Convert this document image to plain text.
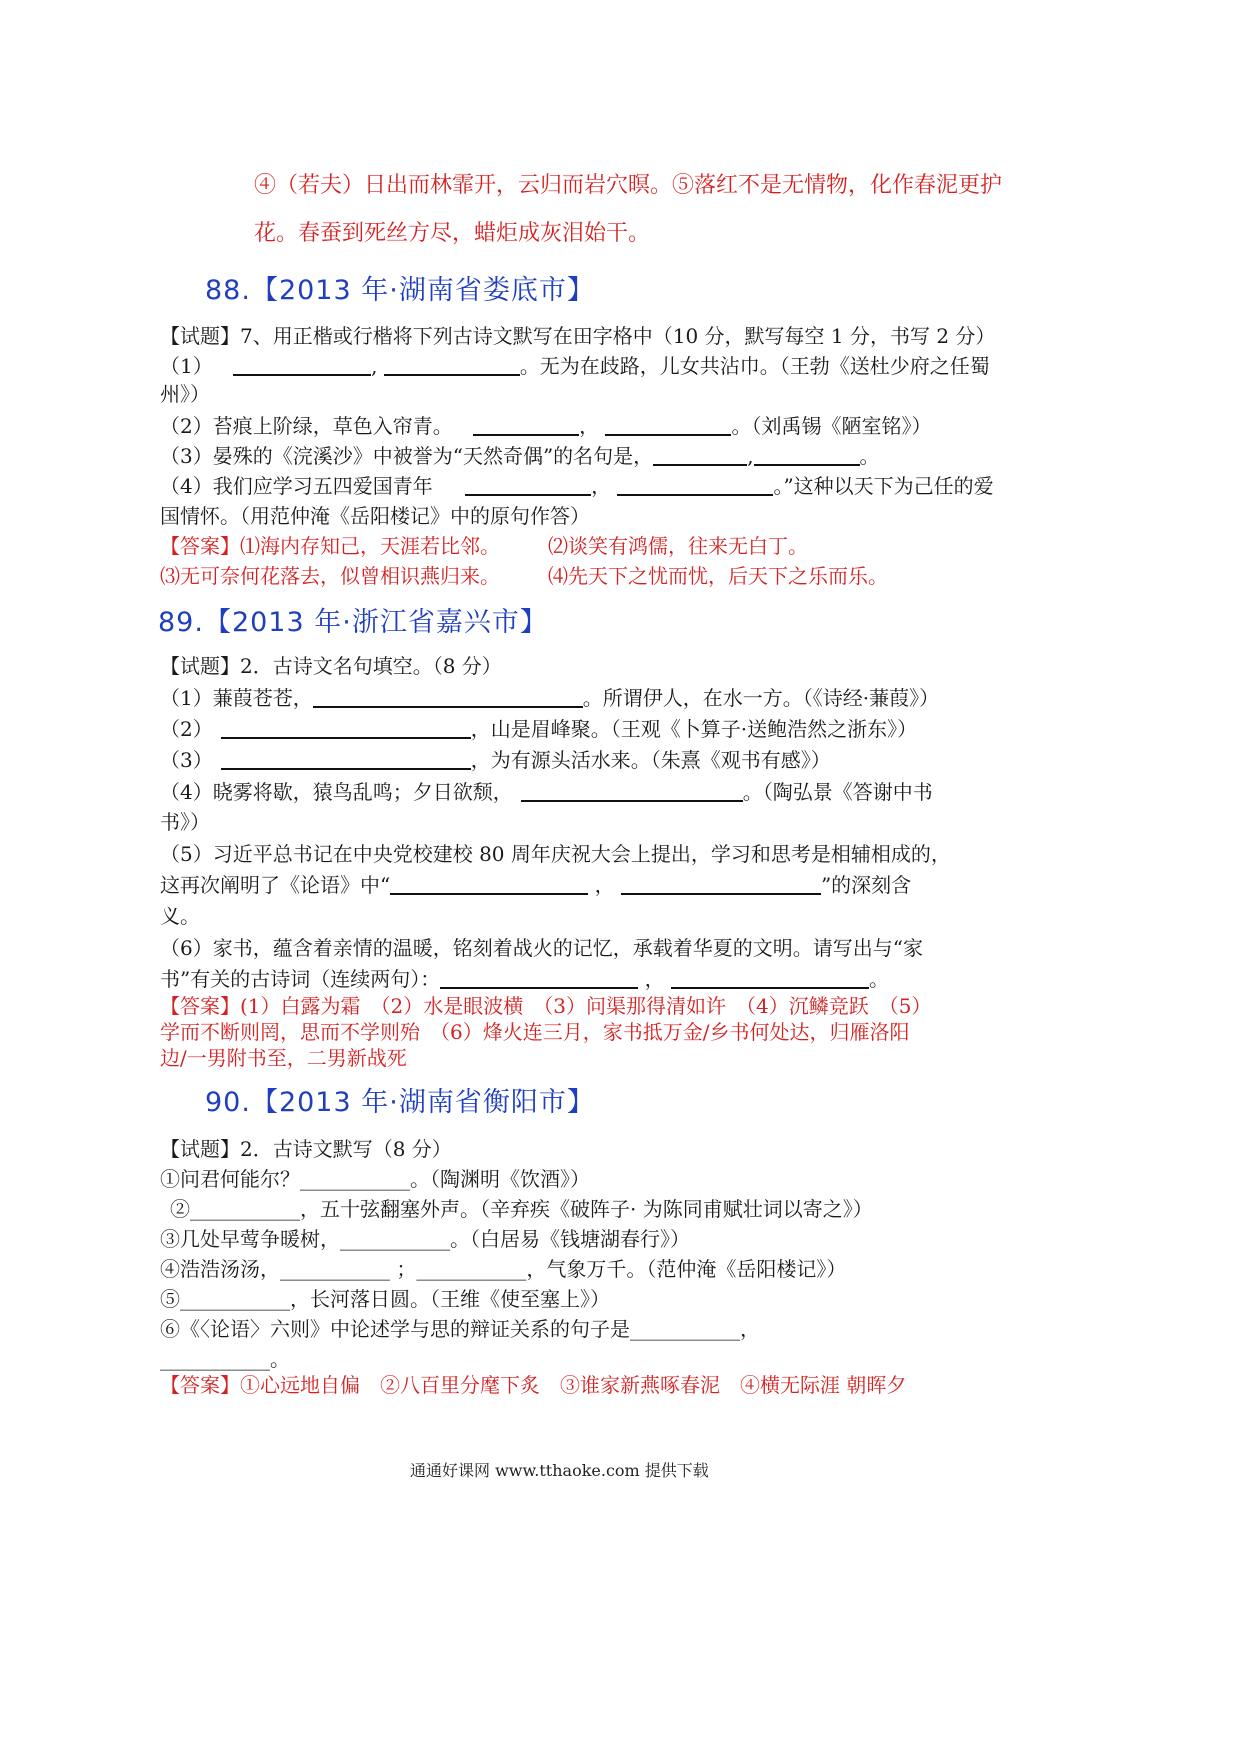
④（若夫）日出而林霏开，云归而岩穴暝。⑤落红不是无情物，化作春泥更护
花。春蚕到死丝方尽，蜡炬成灰泪始干。
88.【2013 年·湖南省娄底市】
【试题】7、用正楷或行楷将下列古诗文默写在田字格中（10 分，默写每空 1 分，书写 2 分）
（1）	,	。无为在歧路，儿女共沾巾。（王勃《送杜少府之任蜀
州》）
（2）苔痕上阶绿，草色入帘青。	，	。（刘禹锡《陋室铭》）
（3）晏殊的《浣溪沙》中被誉为“天然奇偶”的名句是，	,	。
（4）我们应学习五四爱国青年	，	。”这种以天下为己任的爱
国情怀。（用范仲淹《岳阳楼记》中的原句作答）
【答案】⑴海内存知己，天涯若比邻。 ⑵谈笑有鸿儒，往来无白丁。
⑶无可奈何花落去，似曾相识燕归来。 ⑷先天下之忧而忧，后天下之乐而乐。
89.【2013 年·浙江省嘉兴市】
【试题】2．古诗文名句填空。（8 分）
（1）蒹葭苍苍，	。所谓伊人，在水一方。（《诗经·蒹葭》）
（2）	，山是眉峰聚。（王观《卜算子·送鲍浩然之浙东》）
（3）	，为有源头活水来。（朱熹《观书有感》）
（4）晓雾将歇，猿鸟乱鸣；夕日欲颓，	。（陶弘景《答谢中书
书》）
（5）习近平总书记在中央党校建校 80 周年庆祝大会上提出，学习和思考是相辅相成的，
这再次阐明了《论语》中“	，	”的深刻含
义。
（6）家书，蕴含着亲情的温暖，铭刻着战火的记忆，承载着华夏的文明。请写出与“家
书”有关的古诗词（连续两句）：	，	。
【答案】(1）白露为霜　（2）水是眼波横　（3）问渠那得清如许　（4）沉鳞竞跃　（5）
学而不断则罔，思而不学则殆　（6）烽火连三月，家书抵万金/乡书何处达，归雁洛阳
边/一男附书至，二男新战死
90.【2013 年·湖南省衡阳市】
【试题】2．古诗文默写（8 分）
①问君何能尔？___________。（陶渊明《饮酒》）
②___________，五十弦翻塞外声。（辛弃疾《破阵子· 为陈同甫赋壮词以寄之》）
③几处早莺争暖树，___________。（白居易《钱塘湖春行》）
④浩浩汤汤，___________ ；___________，气象万千。（范仲淹《岳阳楼记》）
⑤___________，长河落日圆。（王维《使至塞上》）
⑥《〈论语〉六则》中论述学与思的辩证关系的句子是___________，
___________。
【答案】①心远地自偏　②八百里分麾下炙　③谁家新燕啄春泥　④横无际涯 朝晖夕
通通好课网 www.tthaoke.com 提供下载
